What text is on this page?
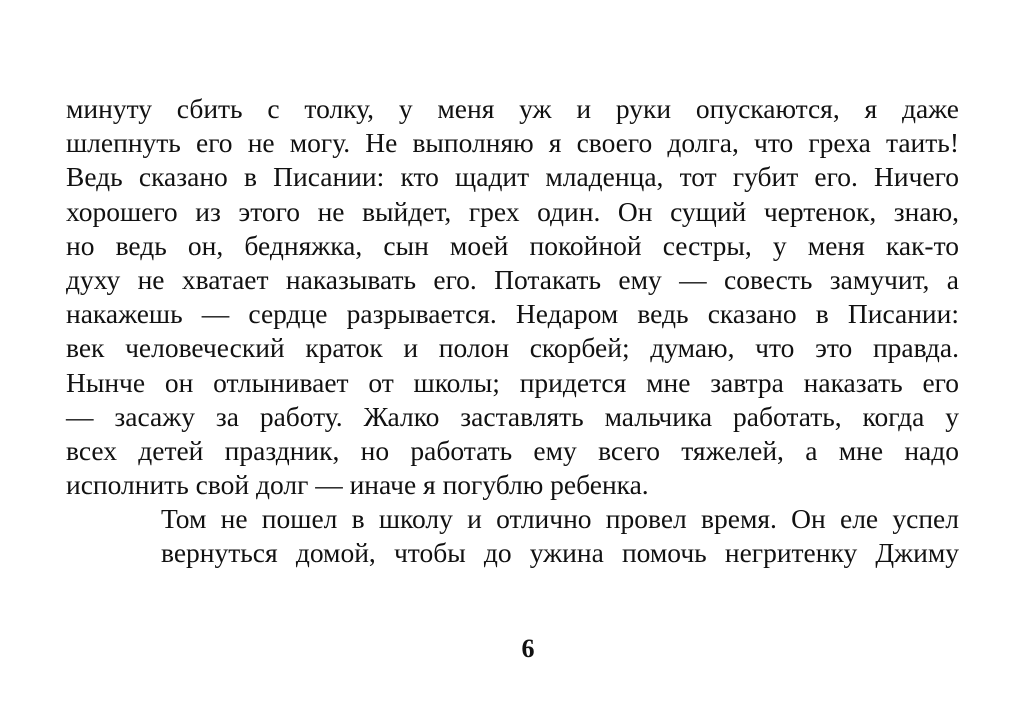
минуту сбить с толку, у меня уж и руки опускаются, я даже
шлепнуть его не могу. Не выполняю я своего долга, что греха таить!
Ведь сказано в Писании: кто щадит младенца, тот губит его. Ничего
хорошего из этого не выйдет, грех один. Он сущий чертенок, знаю,
но ведь он, бедняжка, сын моей покойной сестры, у меня как-то
духу не хватает наказывать его. Потакать ему — совесть замучит, а
накажешь — сердце разрывается. Недаром ведь сказано в Писании:
век человеческий краток и полон скорбей; думаю, что это правда.
Нынче он отлынивает от школы; придется мне завтра наказать его
— засажу за работу. Жалко заставлять мальчика работать, когда у
всех детей праздник, но работать ему всего тяжелей, а мне надо
исполнить свой долг — иначе я погублю ребенка.
Том не пошел в школу и отлично провел время. Он еле успел
вернуться домой, чтобы до ужина помочь негритенку Джиму
6
